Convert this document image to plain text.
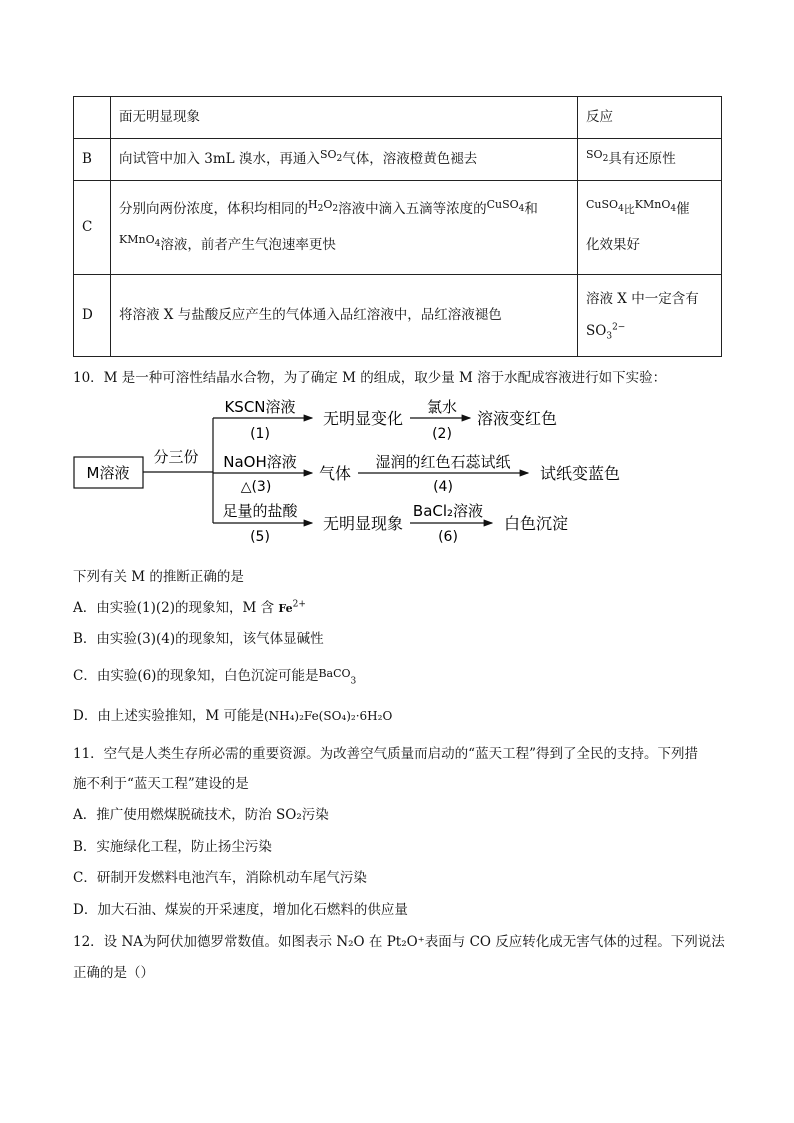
	面无明显现象	反应
B	向试管中加入 3mL 溴水，再通入$^{SO_2}$气体，溶液橙黄色褪去	$^{SO_2}$具有还原性
C	分别向两份浓度，体积均相同的$^{H_2O_2}$溶液中滴入五滴等浓度的$^{CuSO_4}$和
$^{KMnO_4}$溶液，前者产生气泡速率更快	$^{CuSO_4}$比$^{KMnO_4}$催
化效果好
D	将溶液 X 与盐酸反应产生的气体通入品红溶液中，品红溶液褪色	溶液 X 中一定含有
$SO_3^{2-}$
10．M 是一种可溶性结晶水合物，为了确定 M 的组成，取少量 M 溶于水配成容液进行如下实验：
M溶液
分三份
KSCN溶液
(1)
无明显变化
氯水
(2)
溶液变红色
NaOH溶液
△(3)
气体
湿润的红色石蕊试纸
(4)
试纸变蓝色
足量的盐酸
(5)
无明显现象
BaCl₂溶液
(6)
白色沉淀
下列有关 M 的推断正确的是
A．由实验(1)(2)的现象知，M 含 $Fe^{2+}$
B．由实验(3)(4)的现象知，该气体显碱性
C．由实验(6)的现象知，白色沉淀可能是$^{BaCO}_3$
D．由上述实验推知，M 可能是(NH₄)₂Fe(SO₄)₂·6H₂O
11．空气是人类生存所必需的重要资源。为改善空气质量而启动的“蓝天工程”得到了全民的支持。下列措
施不利于“蓝天工程”建设的是
A．推广使用燃煤脱硫技术，防治 SO₂污染
B．实施绿化工程，防止扬尘污染
C．研制开发燃料电池汽车，消除机动车尾气污染
D．加大石油、煤炭的开采速度，增加化石燃料的供应量
12．设 NA为阿伏加德罗常数值。如图表示 N₂O 在 Pt₂O⁺表面与 CO 反应转化成无害气体的过程。下列说法
正确的是（）
